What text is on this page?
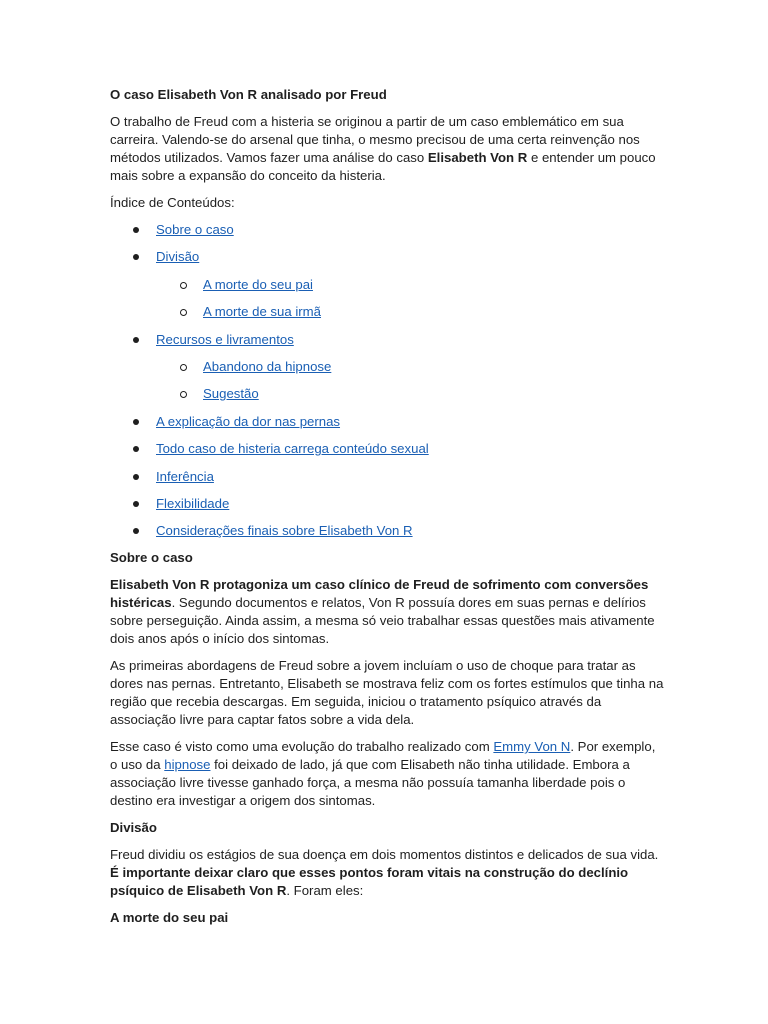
O caso Elisabeth Von R analisado por Freud

O trabalho de Freud com a histeria se originou a partir de um caso emblemático em sua carreira. Valendo-se do arsenal que tinha, o mesmo precisou de uma certa reinvenção nos métodos utilizados. Vamos fazer uma análise do caso Elisabeth Von R e entender um pouco mais sobre a expansão do conceito da histeria.

Índice de Conteúdos:

Sobre o caso
Divisão
A morte do seu pai
A morte de sua irmã
Recursos e livramentos
Abandono da hipnose
Sugestão
A explicação da dor nas pernas
Todo caso de histeria carrega conteúdo sexual
Inferência
Flexibilidade
Considerações finais sobre Elisabeth Von R
Sobre o caso

Elisabeth Von R protagoniza um caso clínico de Freud de sofrimento com conversões histéricas. Segundo documentos e relatos, Von R possuía dores em suas pernas e delírios sobre perseguição. Ainda assim, a mesma só veio trabalhar essas questões mais ativamente dois anos após o início dos sintomas.

As primeiras abordagens de Freud sobre a jovem incluíam o uso de choque para tratar as dores nas pernas. Entretanto, Elisabeth se mostrava feliz com os fortes estímulos que tinha na região que recebia descargas. Em seguida, iniciou o tratamento psíquico através da associação livre para captar fatos sobre a vida dela.

Esse caso é visto como uma evolução do trabalho realizado com Emmy Von N. Por exemplo, o uso da hipnose foi deixado de lado, já que com Elisabeth não tinha utilidade. Embora a associação livre tivesse ganhado força, a mesma não possuía tamanha liberdade pois o destino era investigar a origem dos sintomas.

Divisão

Freud dividiu os estágios de sua doença em dois momentos distintos e delicados de sua vida. É importante deixar claro que esses pontos foram vitais na construção do declínio psíquico de Elisabeth Von R. Foram eles:

A morte do seu pai
